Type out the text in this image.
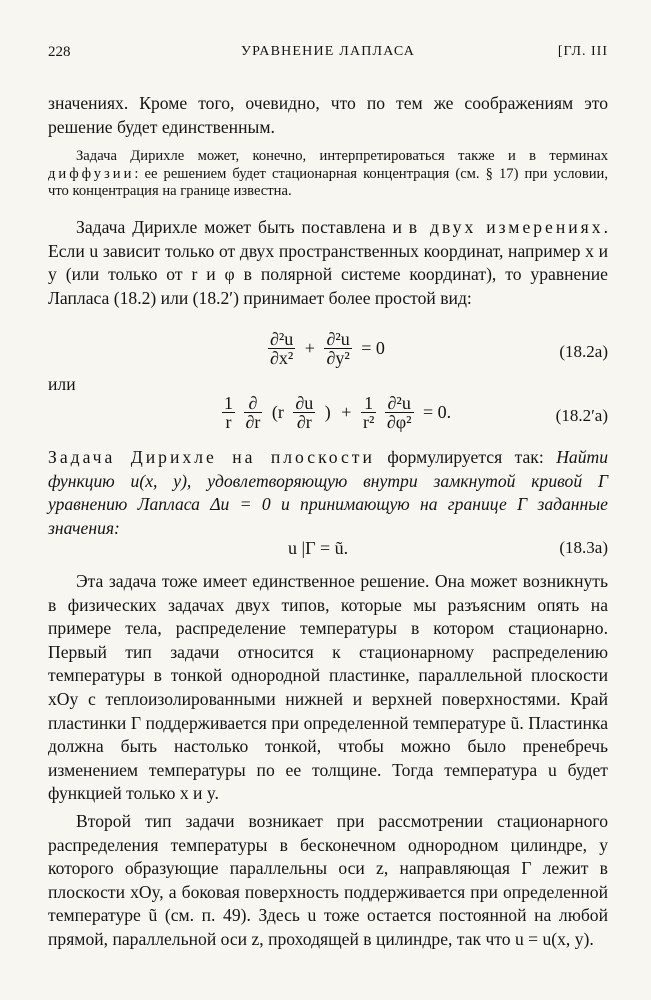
228	УРАВНЕНИЕ ЛАПЛАСА	[ГЛ. III
значениях. Кроме того, очевидно, что по тем же соображениям это решение будет единственным.
Задача Дирихле может, конечно, интерпретироваться также и в терминах диффузии: ее решением будет стационарная концентрация (см. § 17) при условии, что концентрация на границе известна.
Задача Дирихле может быть поставлена и в двух измерениях. Если u зависит только от двух пространственных координат, например x и y (или только от r и φ в полярной системе координат), то уравнение Лапласа (18.2) или (18.2′) принимает более простой вид:
$\frac{\text{∂²u}}{\text{∂x²}} + \frac{\text{∂²u}}{\text{∂y²}} = 0$	(18.2a)
или
$\frac{1}{r}$
$\frac{\partial}{\partial r} (r \frac{\partial u}{\partial r}$ ) + $\frac{1}{\text{r²}}$
$\frac{\text{∂²u}}{\text{∂φ²}} = 0$.	(18.2′a)
Задача Дирихле на плоскости формулируется так: Найти функцию u(x, y), удовлетворяющую внутри замкнутой кривой Γ уравнению Лапласа Δu = 0 и принимающую на границе Γ заданные значения:
u |Γ = ũ.	(18.3a)
Эта задача тоже имеет единственное решение. Она может возникнуть в физических задачах двух типов, которые мы разъясним опять на примере тела, распределение температуры в котором стационарно. Первый тип задачи относится к стационарному распределению температуры в тонкой однородной пластинке, параллельной плоскости xOy с теплоизолированными нижней и верхней поверхностями. Край пластинки Γ поддерживается при определенной температуре ũ. Пластинка должна быть настолько тонкой, чтобы можно было пренебречь изменением температуры по ее толщине. Тогда температура u будет функцией только x и y.
Второй тип задачи возникает при рассмотрении стационарного распределения температуры в бесконечном однородном цилиндре, у которого образующие параллельны оси z, направляющая Γ лежит в плоскости xOy, а боковая поверхность поддерживается при определенной температуре ũ (см. п. 49). Здесь u тоже остается постоянной на любой прямой, параллельной оси z, проходящей в цилиндре, так что u = u(x, y).
